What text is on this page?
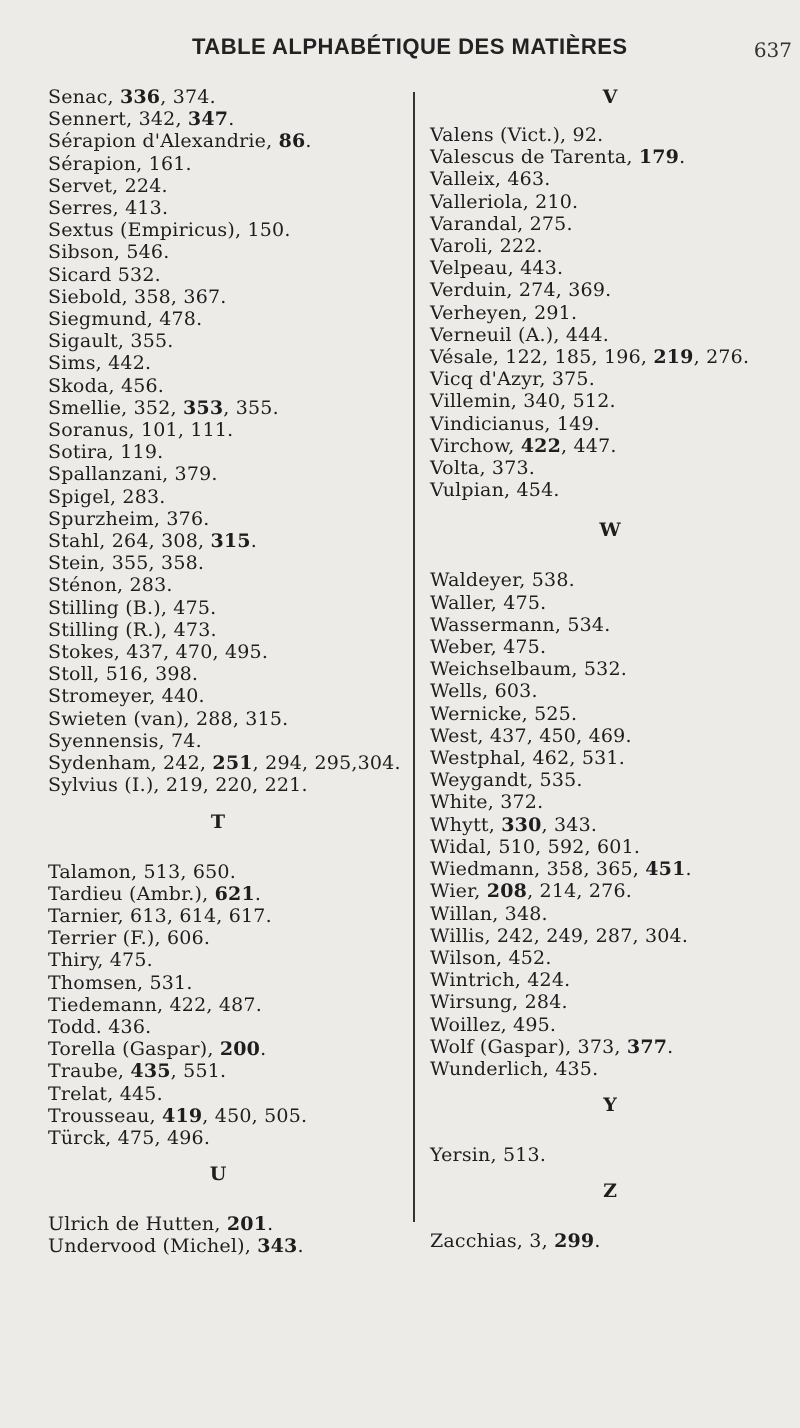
TABLE ALPHABÉTIQUE DES MATIÈRES	637
Senac, 336, 374.
Sennert, 342, 347.
Sérapion d'Alexandrie, 86.
Sérapion, 161.
Servet, 224.
Serres, 413.
Sextus (Empiricus), 150.
Sibson, 546.
Sicard 532.
Siebold, 358, 367.
Siegmund, 478.
Sigault, 355.
Sims, 442.
Skoda, 456.
Smellie, 352, 353, 355.
Soranus, 101, 111.
Sotira, 119.
Spallanzani, 379.
Spigel, 283.
Spurzheim, 376.
Stahl, 264, 308, 315.
Stein, 355, 358.
Sténon, 283.
Stilling (B.), 475.
Stilling (R.), 473.
Stokes, 437, 470, 495.
Stoll, 516, 398.
Stromeyer, 440.
Swieten (van), 288, 315.
Syennensis, 74.
Sydenham, 242, 251, 294, 295,304.
Sylvius (I.), 219, 220, 221.
T
Talamon, 513, 650.
Tardieu (Ambr.), 621.
Tarnier, 613, 614, 617.
Terrier (F.), 606.
Thiry, 475.
Thomsen, 531.
Tiedemann, 422, 487.
Todd. 436.
Torella (Gaspar), 200.
Traube, 435, 551.
Trelat, 445.
Trousseau, 419, 450, 505.
Türck, 475, 496.
U
Ulrich de Hutten, 201.
Undervood (Michel), 343.
V
Valens (Vict.), 92.
Valescus de Tarenta, 179.
Valleix, 463.
Valleriola, 210.
Varandal, 275.
Varoli, 222.
Velpeau, 443.
Verduin, 274, 369.
Verheyen, 291.
Verneuil (A.), 444.
Vésale, 122, 185, 196, 219, 276.
Vicq d'Azyr, 375.
Villemin, 340, 512.
Vindicianus, 149.
Virchow, 422, 447.
Volta, 373.
Vulpian, 454.
W
Waldeyer, 538.
Waller, 475.
Wassermann, 534.
Weber, 475.
Weichselbaum, 532.
Wells, 603.
Wernicke, 525.
West, 437, 450, 469.
Westphal, 462, 531.
Weygandt, 535.
White, 372.
Whytt, 330, 343.
Widal, 510, 592, 601.
Wiedmann, 358, 365, 451.
Wier, 208, 214, 276.
Willan, 348.
Willis, 242, 249, 287, 304.
Wilson, 452.
Wintrich, 424.
Wirsung, 284.
Woillez, 495.
Wolf (Gaspar), 373, 377.
Wunderlich, 435.
Y
Yersin, 513.
Z
Zacchias, 3, 299.
